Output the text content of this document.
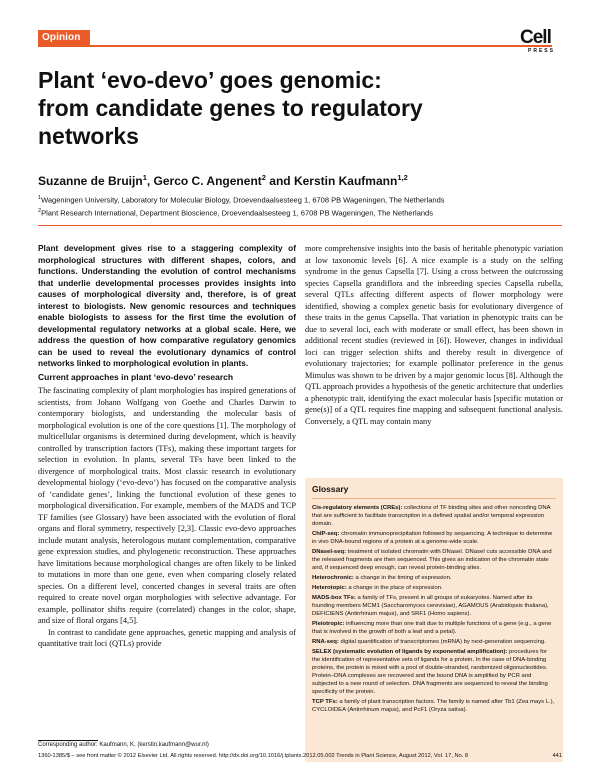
Opinion	Cell
PRESS
Plant ‘evo-devo’ goes genomic:
from candidate genes to regulatory
networks
Suzanne de Bruijn$^1$, Gerco C. Angenent$^2$ and Kerstin Kaufmann$^{1,2}$
$^1$Wageningen University, Laboratory for Molecular Biology, Droevendaalsesteeg 1, 6708 PB Wageningen, The Netherlands
$^2$Plant Research International, Department Bioscience, Droevendaalsesteeg 1, 6708 PB Wageningen, The Netherlands

Plant development gives rise to a staggering complexity of morphological structures with different shapes, colors, and functions. Understanding the evolution of control mechanisms that underlie developmental processes provides insights into causes of morphological diversity and, therefore, is of great interest to biologists. New genomic resources and techniques enable biologists to assess for the first time the evolution of developmental regulatory networks at a global scale. Here, we address the question of how comparative regulatory genomics can be used to reveal the evolutionary dynamics of control networks linked to morphological evolution in plants.

Current approaches in plant ‘evo-devo’ research

The fascinating complexity of plant morphologies has inspired generations of scientists, from Johann Wolfgang von Goethe and Charles Darwin to contemporary biologists, and understanding the molecular basis of morphological evolution is one of the core questions [1]. The morphology of multicellular organisms is determined during development, which is heavily controlled by transcription factors (TFs), making these important targets for selection in evolution. In plants, several TFs have been linked to the divergence of morphological traits. Most classic research in evolutionary developmental biology (‘evo-devo’) has focused on the comparative analysis of ‘candidate genes’, linking the functional evolution of these genes to morphological diversification. For example, members of the MADS and TCP TF families (see Glossary) have been associated with the evolution of floral organs and floral symmetry, respectively [2,3]. Classic evo-devo approaches include mutant analysis, heterologous mutant complementation, comparative gene expression studies, and phylogenetic reconstruction. These approaches have limitations because morphological changes are often likely to be linked to mutations in more than one gene, even when comparing closely related species. On a different level, concerted changes in several traits are often required to create novel organ morphologies with selective advantage. For example, pollinator shifts require (correlated) changes in the color, shape, and size of floral organs [4,5].

In contrast to candidate gene approaches, genetic mapping and analysis of quantitative trait loci (QTLs) provide

more comprehensive insights into the basis of heritable phenotypic variation at low taxonomic levels [6]. A nice example is a study on the selfing syndrome in the genus Capsella [7]. Using a cross between the outcrossing species Capsella grandiflora and the inbreeding species Capsella rubella, several QTLs affecting different aspects of flower morphology were identified, showing a complex genetic basis for evolutionary divergence of these traits in the genus Capsella. That variation in phenotypic traits can be due to several loci, each with moderate or small effect, has been shown in additional recent studies (reviewed in [6]). However, changes in individual loci can trigger selection shifts and thereby result in divergence of evolutionary trajectories; for example pollinator preference in the genus Mimulus was shown to be driven by a major genomic locus [8]. Although the QTL approach provides a hypothesis of the genetic architecture that underlies a phenotypic trait, identifying the exact molecular basis [specific mutation or gene(s)] of a QTL requires fine mapping and subsequent functional analysis. Conversely, a QTL may contain many

Glossary
Cis-regulatory elements (CREs): collections of TF binding sites and other noncoding DNA that are sufficient to facilitate transcription in a defined spatial and/or temporal expression domain.
ChIP-seq: chromatin immunoprecipitation followed by sequencing. A technique to determine in vivo DNA-bound regions of a protein at a genome-wide scale.
DNaseI-seq: treatment of isolated chromatin with DNaseI. DNaseI cuts accessible DNA and the released fragments are then sequenced. This gives an indication of the chromatin state and, if sequenced deep enough, can reveal protein-binding sites.
Heterochronic: a change in the timing of expression.
Heterotopic: a change in the place of expression.
MADS-box TFs: a family of TFs, present in all groups of eukaryotes. Named after its founding members MCM1 (Saccharomyces cerevisiae), AGAMOUS (Arabidopsis thaliana), DEFICIENS (Antirrhinum majus), and SRF1 (Homo sapiens).
Pleiotropic: influencing more than one trait due to multiple functions of a gene (e.g., a gene that is involved in the growth of both a leaf and a petal).
RNA-seq: digital quantification of transcriptomes (mRNA) by next-generation sequencing.
SELEX (systematic evolution of ligands by exponential amplification): procedures for the identification of representative sets of ligands for a protein. In the case of DNA-binding proteins, the protein is mixed with a pool of double-stranded, randomized oligonucleotides. Protein–DNA complexes are recovered and the bound DNA is amplified by PCR and subjected to a new round of selection. DNA fragments are sequenced to reveal the binding specificity of the protein.
TCP TFs: a family of plant transcription factors. The family is named after Tb1 (Zea mays L.), CYCLOIDEA (Antirrhinum majus), and PcF1 (Oryza sativa).
Corresponding author: Kaufmann, K. (kerstin.kaufmann@wur.nl)
1360-1385/$ – see front matter © 2012 Elsevier Ltd. All rights reserved. http://dx.doi.org/10.1016/j.tplants.2012.05.002 Trends in Plant Science, August 2012, Vol. 17, No. 8	441
